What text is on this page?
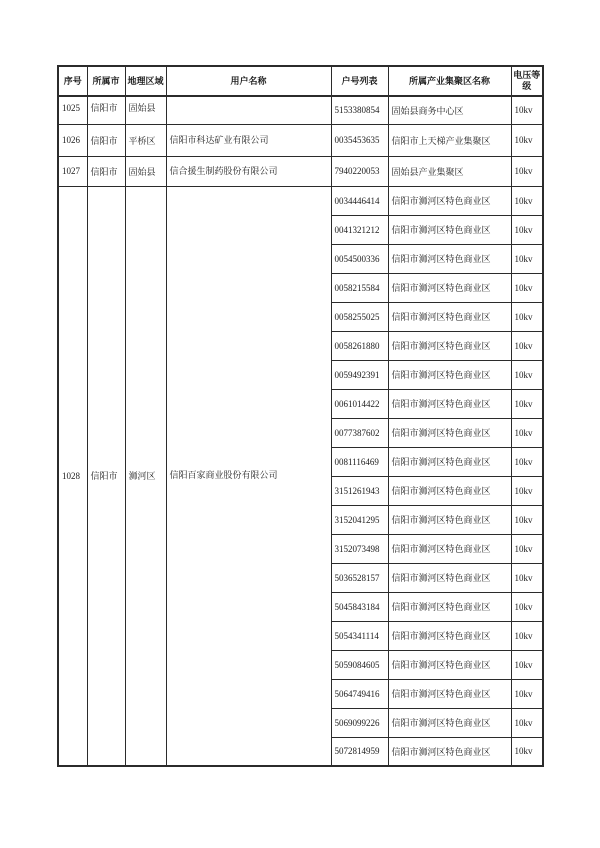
序号	所属市	地理区域	用户名称	户号列表	所属产业集聚区名称	电压等级

1025	信阳市	固始县		5153380854	固始县商务中心区	10kv
1026	信阳市	平桥区	信阳市科达矿业有限公司	0035453635	信阳市上天梯产业集聚区	10kv
1027	信阳市	固始县	信合援生制药股份有限公司	7940220053	固始县产业集聚区	10kv
1028	信阳市	浉河区	信阳百家商业股份有限公司	0034446414	信阳市浉河区特色商业区	10kv
				0041321212	信阳市浉河区特色商业区	10kv
				0054500336	信阳市浉河区特色商业区	10kv
				0058215584	信阳市浉河区特色商业区	10kv
				0058255025	信阳市浉河区特色商业区	10kv
				0058261880	信阳市浉河区特色商业区	10kv
				0059492391	信阳市浉河区特色商业区	10kv
				0061014422	信阳市浉河区特色商业区	10kv
				0077387602	信阳市浉河区特色商业区	10kv
				0081116469	信阳市浉河区特色商业区	10kv
				3151261943	信阳市浉河区特色商业区	10kv
				3152041295	信阳市浉河区特色商业区	10kv
				3152073498	信阳市浉河区特色商业区	10kv
				5036528157	信阳市浉河区特色商业区	10kv
				5045843184	信阳市浉河区特色商业区	10kv
				5054341114	信阳市浉河区特色商业区	10kv
				5059084605	信阳市浉河区特色商业区	10kv
				5064749416	信阳市浉河区特色商业区	10kv
				5069099226	信阳市浉河区特色商业区	10kv
				5072814959	信阳市浉河区特色商业区	10kv
